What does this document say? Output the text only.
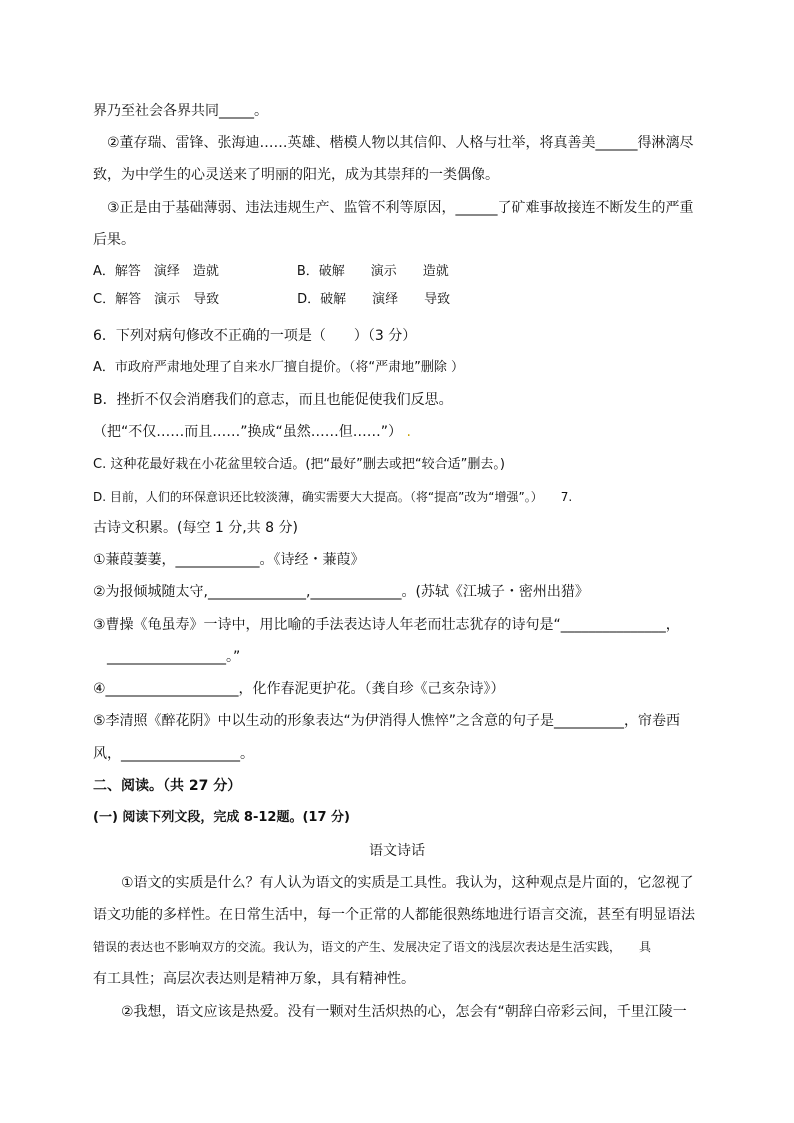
界乃至社会各界共同_____。
②董存瑞、雷锋、张海迪……英雄、楷模人物以其信仰、人格与壮举，将真善美______得淋漓尽
致，为中学生的心灵送来了明丽的阳光，成为其崇拜的一类偶像。
③正是由于基础薄弱、违法违规生产、监管不利等原因，______了矿难事故接连不断发生的严重
后果。
A．解答　演绎　造就　　　　　　B．破解　　演示　　造就
C．解答　演示　导致　　　　　　D．破解　　演绎　　导致
6．下列对病句修改不正确的一项是（　　）（3 分）
A．市政府严肃地处理了自来水厂擅自提价。（将“严肃地”删除 ）
B．挫折不仅会消磨我们的意志，而且也能促使我们反思。
（把“不仅……而且……”换成“虽然……但……”） .
C. 这种花最好栽在小花盆里较合适。(把“最好”删去或把“较合适”删去。)
D. 目前，人们的环保意识还比较淡薄，确实需要大大提高。（将“提高”改为“增强”。）　　7.
古诗文积累。(每空 1 分,共 8 分)
①蒹葭萋萋，____________。《诗经・蒹葭》
②为报倾城随太守,______________,_____________。(苏轼《江城子・密州出猎》
③曹操《龟虽寿》一诗中，用比喻的手法表达诗人年老而壮志犹存的诗句是“_______________，
_________________。”
④___________________，化作春泥更护花。（龚自珍《己亥杂诗》）
⑤李清照《醉花阴》中以生动的形象表达“为伊消得人憔悴”之含意的句子是__________，帘卷西
风，_________________。
二、阅读。（共 27 分）
(一) 阅读下列文段，完成 8-12题。(17 分)
语文诗话
①语文的实质是什么？有人认为语文的实质是工具性。我认为，这种观点是片面的，它忽视了
语文功能的多样性。在日常生活中，每一个正常的人都能很熟练地进行语言交流，甚至有明显语法
错误的表达也不影响双方的交流。我认为，语文的产生、发展决定了语文的浅层次表达是生活实践，　　具
有工具性；高层次表达则是精神万象，具有精神性。
②我想，语文应该是热爱。没有一颗对生活炽热的心，怎会有“朝辞白帝彩云间，千里江陵一
